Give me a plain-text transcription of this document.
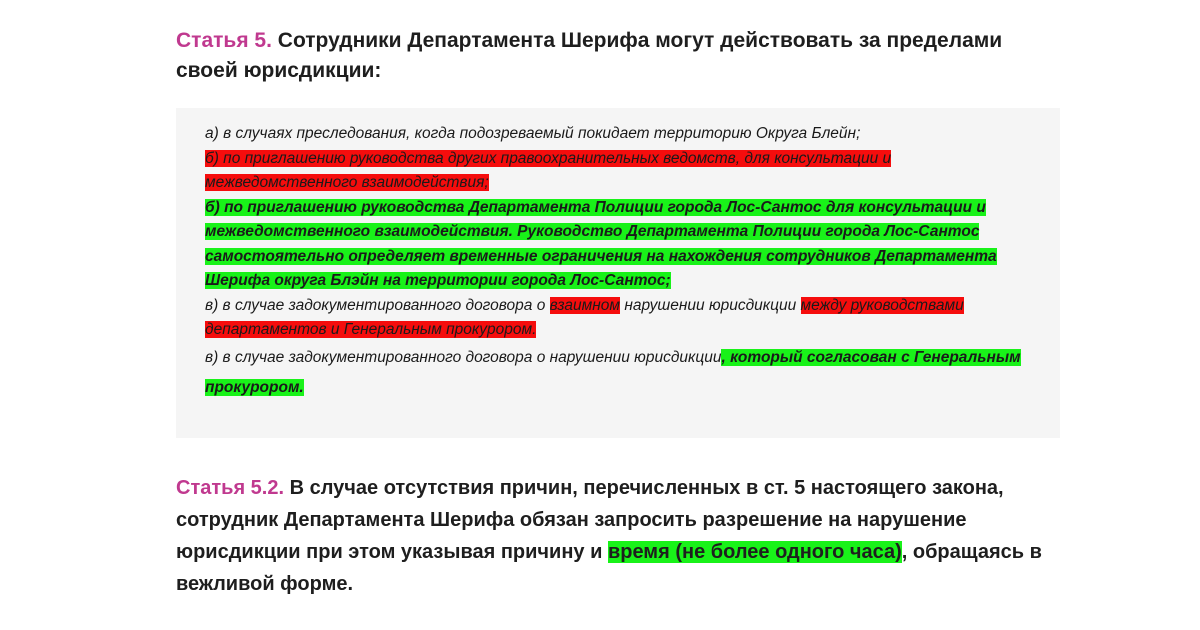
Статья 5. Сотрудники Департамента Шерифа могут действовать за пределами своей юрисдикции:

а) в случаях преследования, когда подозреваемый покидает территорию Округа Блейн;

б) по приглашению руководства других правоохранительных ведомств, для консультации и межведомственного взаимодействия;

б) по приглашению руководства Департамента Полиции города Лос-Сантос для консультации и межведомственного взаимодействия. Руководство Департамента Полиции города Лос-Сантос самостоятельно определяет временные ограничения на нахождения сотрудников Департамента Шерифа округа Блэйн на территории города Лос-Сантос;

в) в случае задокументированного договора о взаимном нарушении юрисдикции между руководствами департаментов и Генеральным прокурором.

в) в случае задокументированного договора о нарушении юрисдикции, который согласован с Генеральным прокурором.

Статья 5.2. В случае отсутствия причин, перечисленных в ст. 5 настоящего закона, сотрудник Департамента Шерифа обязан запросить разрешение на нарушение юрисдикции при этом указывая причину и время (не более одного часа), обращаясь в вежливой форме.
